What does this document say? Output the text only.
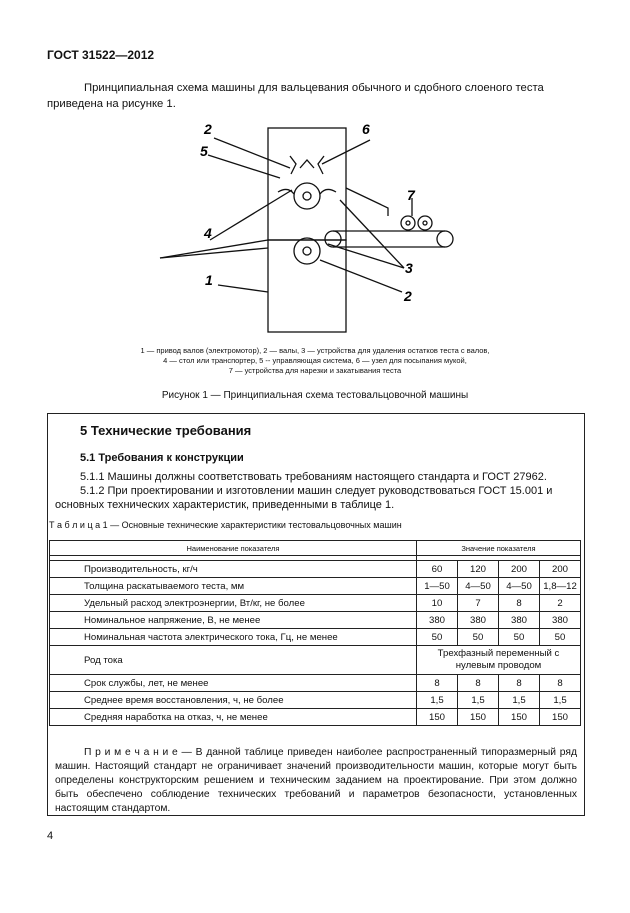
ГОСТ 31522—2012
Принципиальная схема машины для вальцевания обычного и сдобного слоеного теста приведена на рисунке 1.
2
5
6
7
4
3
1
2
1 — привод валов (электромотор), 2 — валы, 3 — устройства для удаления остатков теста с валов,
4 — стол или транспортер, 5 -- управляющая система, 6 — узел для посыпания мукой,
7 — устройства для нарезки и закатывания теста
Рисунок 1 — Принципиальная схема тестовальцовочной машины
5 Технические требования
5.1 Требования к конструкции
5.1.1 Машины должны соответствовать требованиям настоящего стандарта и ГОСТ 27962.
5.1.2 При проектировании и изготовлении машин следует руководствоваться ГОСТ 15.001 и основных технических характеристик, приведенными в таблице 1.
Т а б л и ц а 1 — Основные технические характеристики тестовальцовочных машин
Наименование показателя	Значение показателя			

Производительность, кг/ч	60	120	200	200
Толщина раскатываемого теста, мм	1—50	4—50	4—50	1,8—12
Удельный расход электроэнергии, Вт/кг, не более	10	7	8	2
Номинальное напряжение, В, не менее	380	380	380	380
Номинальная частота электрического тока, Гц, не менее	50	50	50	50
Род тока	Трехфазный переменный с нулевым проводом			
Срок службы, лет, не менее	8	8	8	8
Среднее время восстановления, ч, не более	1,5	1,5	1,5	1,5
Средняя наработка на отказ, ч, не менее	150	150	150	150
П р и м е ч а н и е — В данной таблице приведен наиболее распространенный типоразмерный ряд машин. Настоящий стандарт не ограничивает значений производительности машин, которые могут быть определены конструкторским решением и техническим заданием на проектирование. При этом должно быть обеспечено соблюдение технических требований и параметров безопасности, установленных настоящим стандартом.
4
